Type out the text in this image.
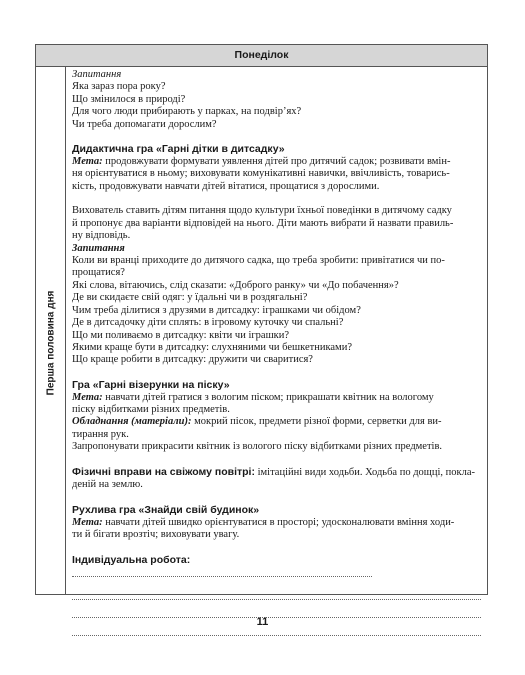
Понеділок
Перша половина дня

Запитання

Яка зараз пора року?

Що змінилося в природі?

Для чого люди прибирають у парках, на подвір’ях?

Чи треба допомагати дорослим?

Дидактична гра «Гарні дітки в дитсадку»

Мета: продовжувати формувати уявлення дітей про дитячий садок; розвивати вмін-

ня орієнтуватися в ньому; виховувати комунікативні навички, ввічливість, товарись-

кість, продовжувати навчати дітей вітатися, прощатися з дорослими.

Вихователь ставить дітям питання щодо культури їхньої поведінки в дитячому садку

й пропонує два варіанти відповідей на нього. Діти мають вибрати й назвати правиль-

ну відповідь.

Запитання

Коли ви вранці приходите до дитячого садка, що треба зробити: привітатися чи по-

прощатися?

Які слова, вітаючись, слід сказати: «Доброго ранку» чи «До побачення»?

Де ви скидаєте свій одяг: у їдальні чи в роздягальні?

Чим треба ділитися з друзями в дитсадку: іграшками чи обідом?

Де в дитсадочку діти сплять: в ігровому куточку чи спальні?

Що ми поливаємо в дитсадку: квіти чи іграшки?

Якими краще бути в дитсадку: слухняними чи бешкетниками?

Що краще робити в дитсадку: дружити чи сваритися?

Гра «Гарні візерунки на піску»

Мета: навчати дітей гратися з вологим піском; прикрашати квітник на вологому

піску відбитками різних предметів.

Обладнання (матеріали): мокрий пісок, предмети різної форми, серветки для ви-

тирання рук.

Запропонувати прикрасити квітник із вологого піску відбитками різних предметів.

Фізичні вправи на свіжому повітрі: імітаційні види ходьби. Ходьба по дощці, покла-

деній на землю.

Рухлива гра «Знайди свій будинок»

Мета: навчати дітей швидко орієнтуватися в просторі; удосконалювати вміння ходи-

ти й бігати врозтіч; виховувати увагу.

Індивідуальна робота:

11
